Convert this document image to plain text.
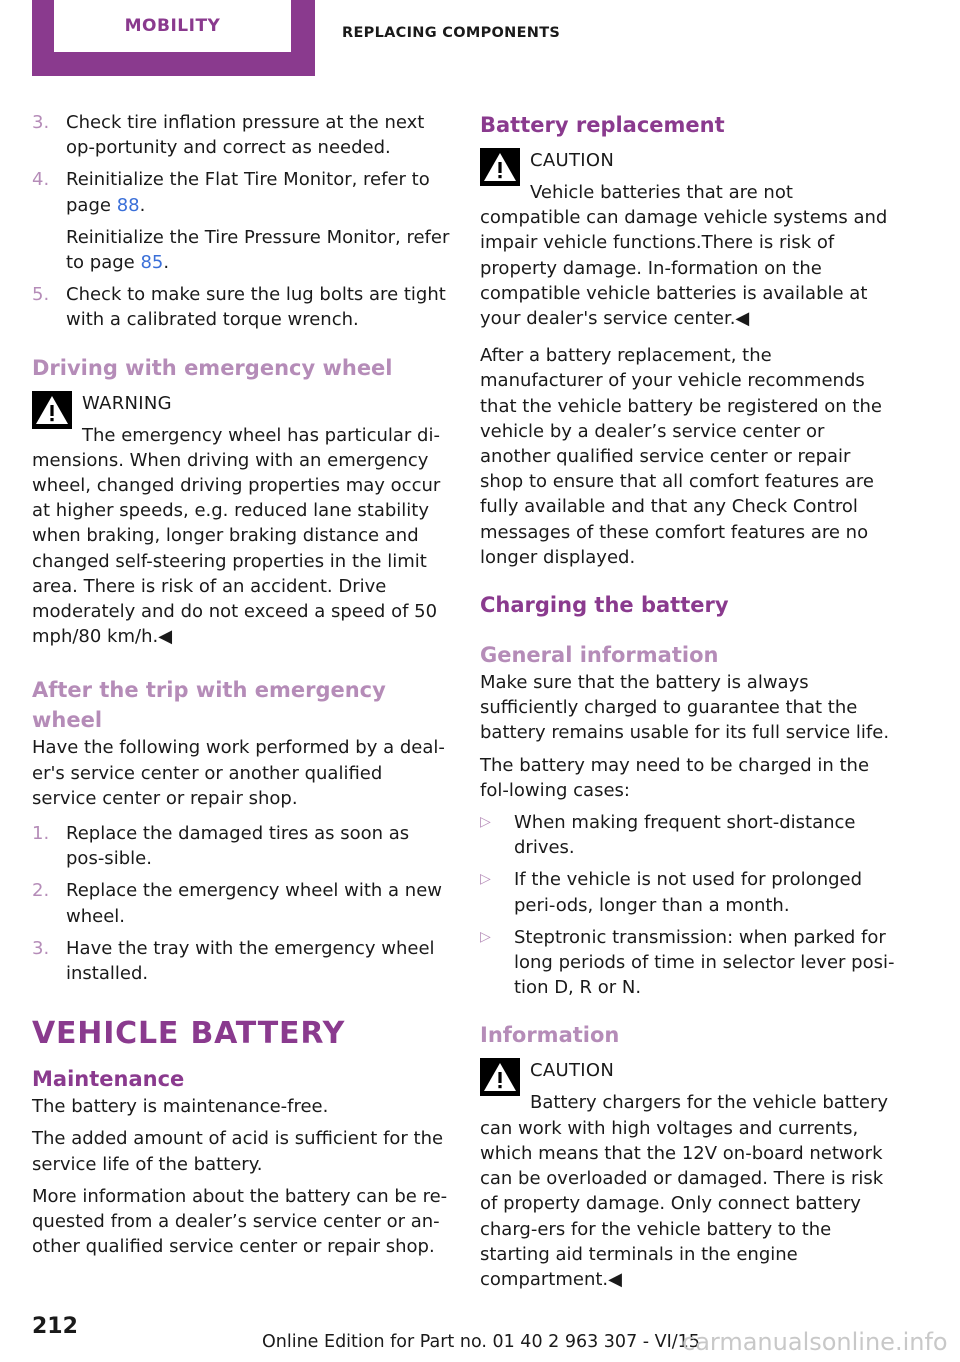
MOBILITY	REPLACING COMPONENTS
3. Check tire inflation pressure at the next op-portunity and correct as needed.
4. Reinitialize the Flat Tire Monitor, refer to page 88.
Reinitialize the Tire Pressure Monitor, refer to page 85.
5. Check to make sure the lug bolts are tight with a calibrated torque wrench.
Driving with emergency wheel
WARNING

The emergency wheel has particular di-mensions. When driving with an emergency wheel, changed driving properties may occur at higher speeds, e.g. reduced lane stability when braking, longer braking distance and changed self-steering properties in the limit area. There is risk of an accident. Drive moderately and do not exceed a speed of 50 mph/80 km/h.◀

After the trip with emergency wheel

Have the following work performed by a deal-er's service center or another qualified service center or repair shop.

1. Replace the damaged tires as soon as pos-sible.
2. Replace the emergency wheel with a new wheel.
3. Have the tray with the emergency wheel installed.
VEHICLE BATTERY
Maintenance

The battery is maintenance-free.

The added amount of acid is sufficient for the service life of the battery.

More information about the battery can be re-quested from a dealer’s service center or an-other qualified service center or repair shop.

Battery replacement
CAUTION

Vehicle batteries that are not compatible can damage vehicle systems and impair vehicle functions.There is risk of property damage. In-formation on the compatible vehicle batteries is available at your dealer's service center.◀

After a battery replacement, the manufacturer of your vehicle recommends that the vehicle battery be registered on the vehicle by a dealer’s service center or another qualified service center or repair shop to ensure that all comfort features are fully available and that any Check Control messages of these comfort features are no longer displayed.

Charging the battery
General information

Make sure that the battery is always sufficiently charged to guarantee that the battery remains usable for its full service life.

The battery may need to be charged in the fol-lowing cases:

▷ When making frequent short-distance drives.
▷ If the vehicle is not used for prolonged peri-ods, longer than a month.
▷ Steptronic transmission: when parked for long periods of time in selector lever posi-tion D, R or N.
Information
CAUTION

Battery chargers for the vehicle battery can work with high voltages and currents, which means that the 12V on-board network can be overloaded or damaged. There is risk of property damage. Only connect battery charg-ers for the vehicle battery to the starting aid terminals in the engine compartment.◀

212
Online Edition for Part no. 01 40 2 963 307 - VI/15
carmanualsonline.info
